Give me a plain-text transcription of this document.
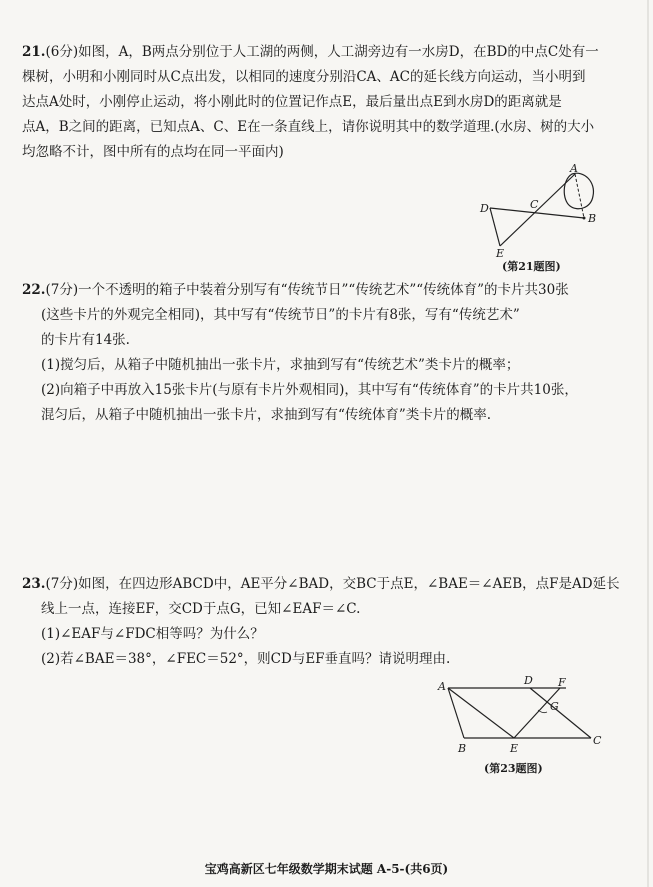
21.(6分)如图，A，B两点分别位于人工湖的两侧，人工湖旁边有一水房D，在BD的中点C处有一

棵树，小明和小刚同时从C点出发，以相同的速度分别沿CA、AC的延长线方向运动，当小明到

达点A处时，小刚停止运动，将小刚此时的位置记作点E，最后量出点E到水房D的距离就是

点A，B之间的距离，已知点A、C、E在一条直线上，请你说明其中的数学道理.(水房、树的大小

均忽略不计，图中所有的点均在同一平面内)

A
D	C
B
E
(第21题图)

22.(7分)一个不透明的箱子中装着分别写有“传统节日”“传统艺术”“传统体育”的卡片共30张

(这些卡片的外观完全相同)，其中写有“传统节日”的卡片有8张，写有“传统艺术”

的卡片有14张.

(1)搅匀后，从箱子中随机抽出一张卡片，求抽到写有“传统艺术”类卡片的概率；

(2)向箱子中再放入15张卡片(与原有卡片外观相同)，其中写有“传统体育”的卡片共10张，

混匀后，从箱子中随机抽出一张卡片，求抽到写有“传统体育”类卡片的概率.

23.(7分)如图，在四边形ABCD中，AE平分∠BAD，交BC于点E，∠BAE＝∠AEB，点F是AD延长

线上一点，连接EF，交CD于点G，已知∠EAF＝∠C.

(1)∠EAF与∠FDC相等吗？为什么？

(2)若∠BAE＝38°，∠FEC＝52°，则CD与EF垂直吗？请说明理由.

A	D F
G
B	E
C
(第23题图)
宝鸡高新区七年级数学期末试题 A-5-(共6页)
